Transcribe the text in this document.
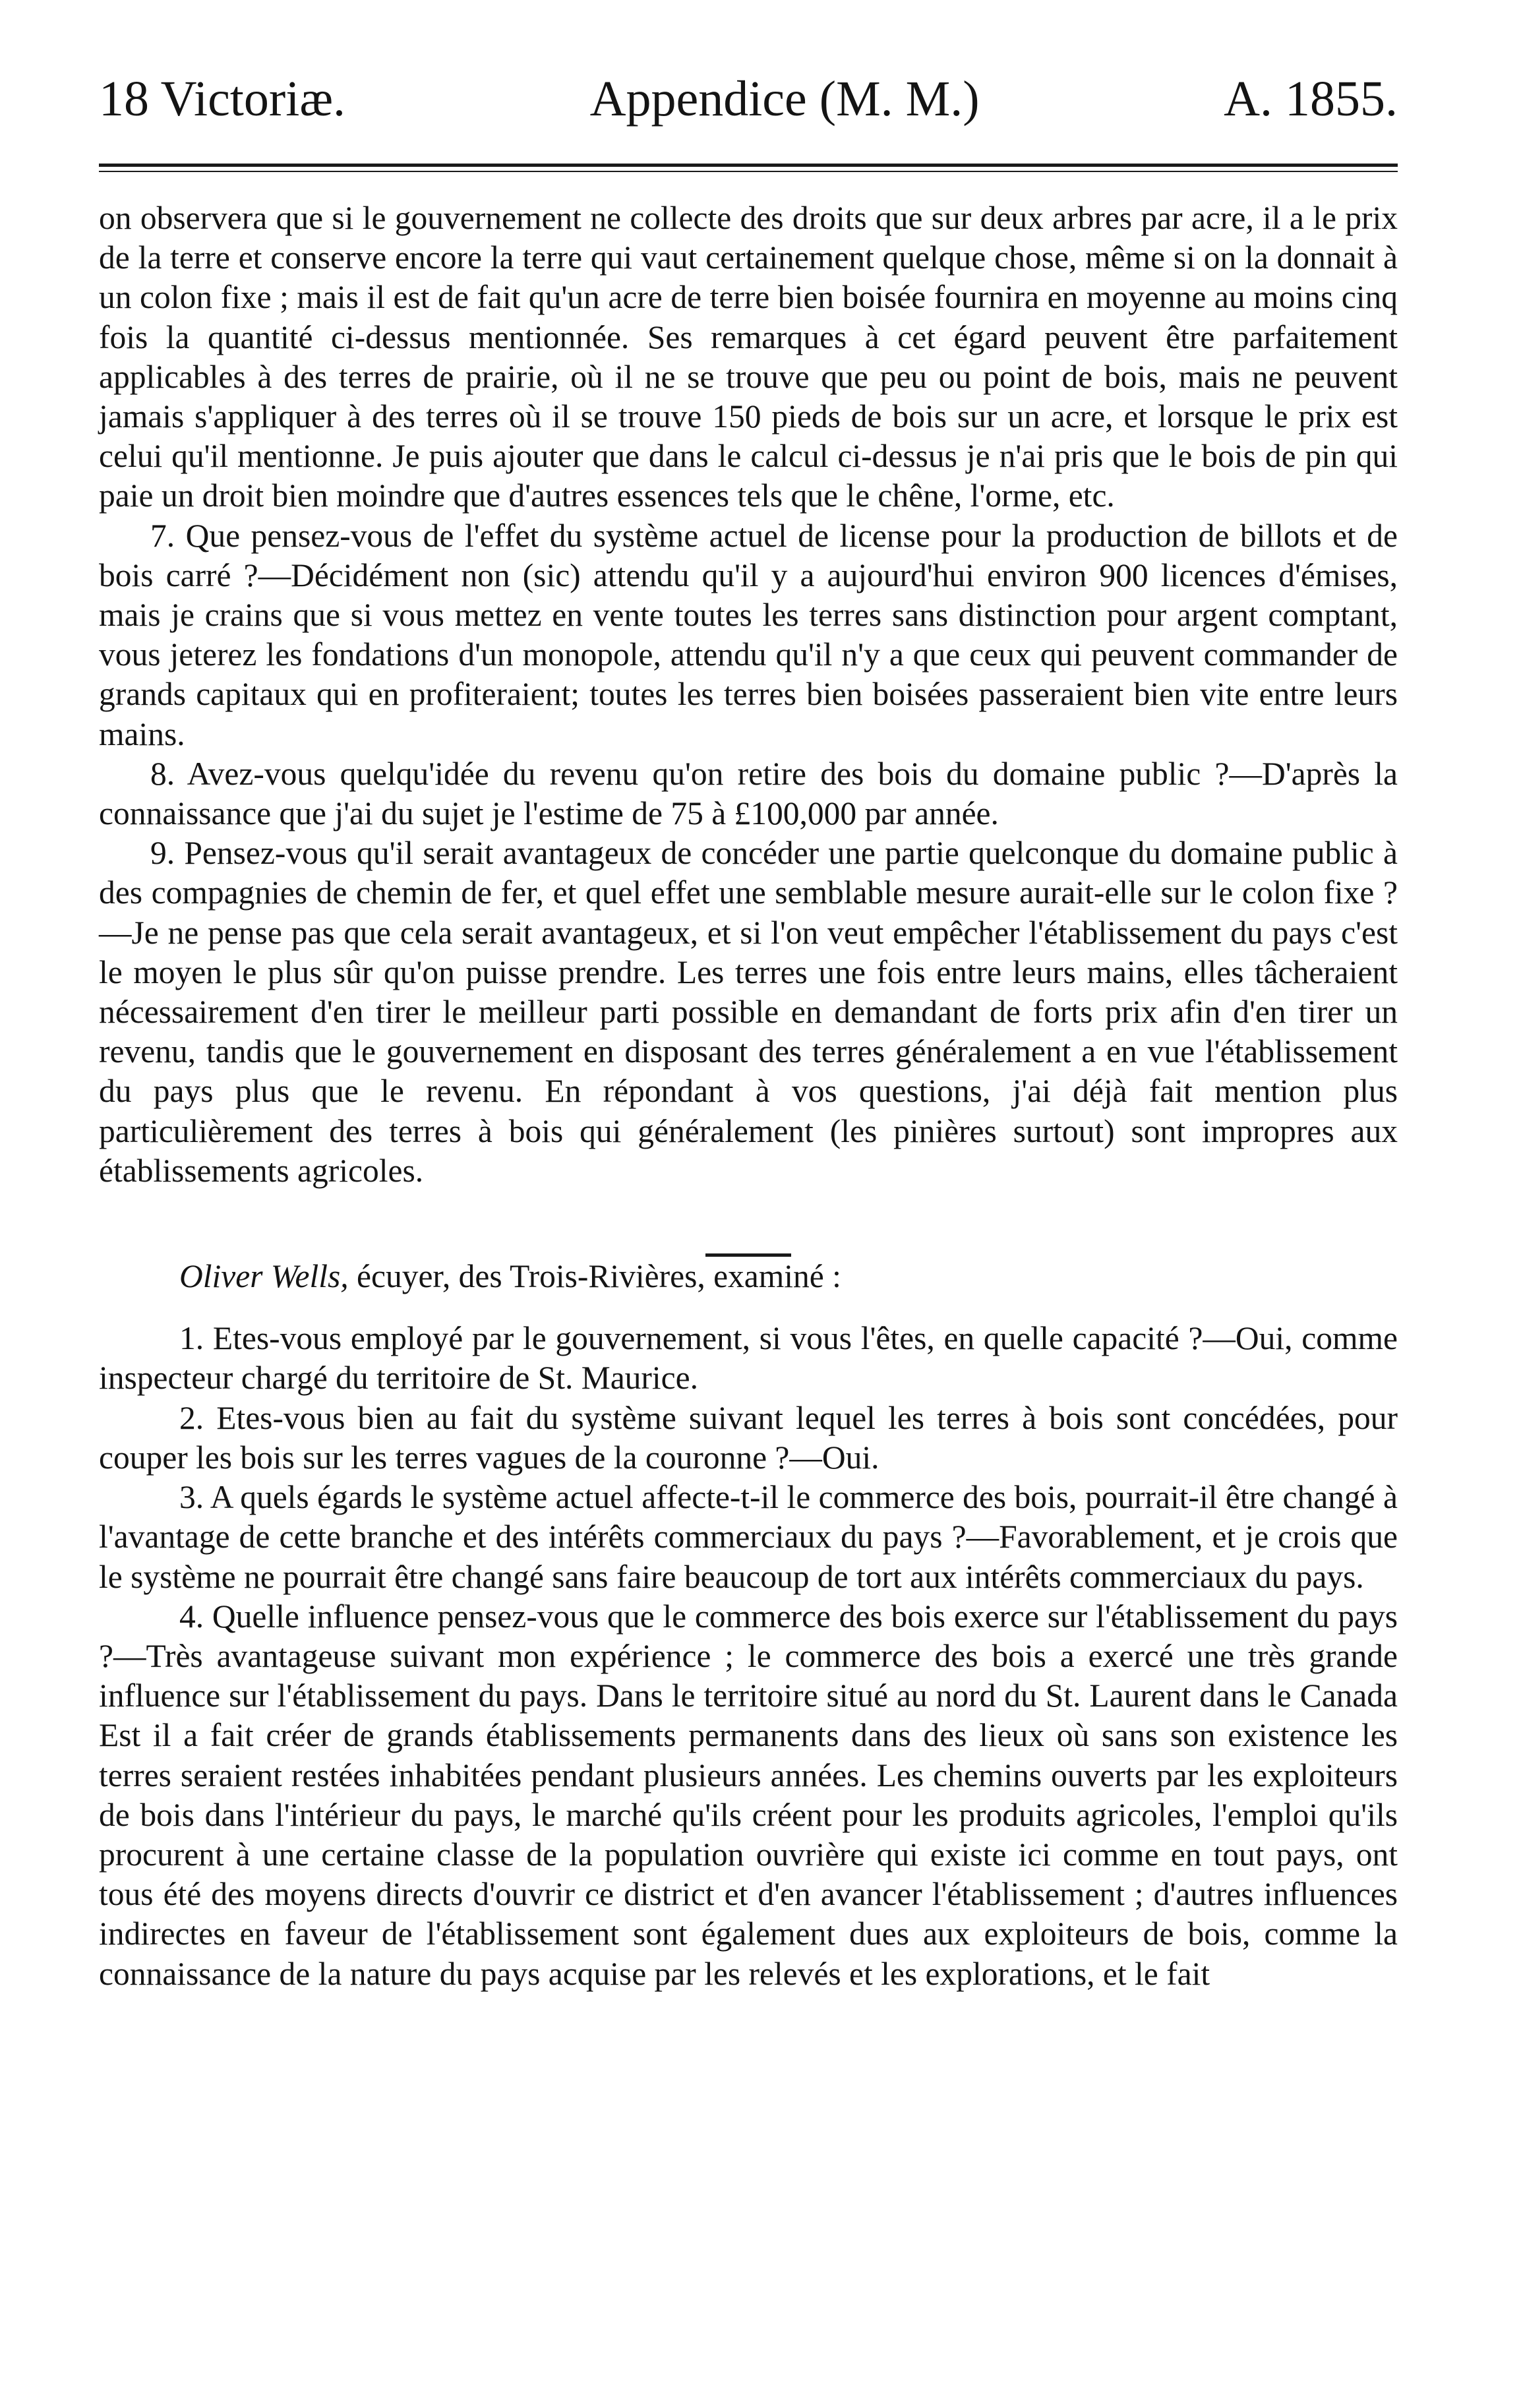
18 Victoriæ.	Appendice (M. M.)	A. 1855.

on observera que si le gouvernement ne collecte des droits que sur deux arbres par acre, il a le prix de la terre et conserve encore la terre qui vaut certainement quelque chose, même si on la donnait à un colon fixe ; mais il est de fait qu'un acre de terre bien boisée fournira en moyenne au moins cinq fois la quantité ci-dessus mentionnée. Ses remarques à cet égard peuvent être parfaitement applicables à des terres de prairie, où il ne se trouve que peu ou point de bois, mais ne peuvent jamais s'appliquer à des terres où il se trouve 150 pieds de bois sur un acre, et lorsque le prix est celui qu'il mentionne. Je puis ajouter que dans le calcul ci-dessus je n'ai pris que le bois de pin qui paie un droit bien moindre que d'autres essences tels que le chêne, l'orme, etc.

7. Que pensez-vous de l'effet du système actuel de license pour la production de billots et de bois carré ?—Décidément non (sic) attendu qu'il y a aujourd'hui environ 900 licences d'émises, mais je crains que si vous mettez en vente toutes les terres sans distinction pour argent comptant, vous jeterez les fondations d'un monopole, attendu qu'il n'y a que ceux qui peuvent commander de grands capitaux qui en profiteraient; toutes les terres bien boisées passeraient bien vite entre leurs mains.

8. Avez-vous quelqu'idée du revenu qu'on retire des bois du domaine public ?—D'après la connaissance que j'ai du sujet je l'estime de 75 à £100,000 par année.

9. Pensez-vous qu'il serait avantageux de concéder une partie quelconque du domaine public à des compagnies de chemin de fer, et quel effet une semblable mesure aurait-elle sur le colon fixe ?—Je ne pense pas que cela serait avantageux, et si l'on veut empêcher l'établissement du pays c'est le moyen le plus sûr qu'on puisse prendre. Les terres une fois entre leurs mains, elles tâcheraient nécessairement d'en tirer le meilleur parti possible en demandant de forts prix afin d'en tirer un revenu, tandis que le gouvernement en disposant des terres généralement a en vue l'établissement du pays plus que le revenu. En répondant à vos questions, j'ai déjà fait mention plus particulièrement des terres à bois qui généralement (les pinières surtout) sont impropres aux établissements agricoles.

Oliver Wells, écuyer, des Trois-Rivières, examiné :

1. Etes-vous employé par le gouvernement, si vous l'êtes, en quelle capacité ?—Oui, comme inspecteur chargé du territoire de St. Maurice.

2. Etes-vous bien au fait du système suivant lequel les terres à bois sont concédées, pour couper les bois sur les terres vagues de la couronne ?—Oui.

3. A quels égards le système actuel affecte-t-il le commerce des bois, pourrait-il être changé à l'avantage de cette branche et des intérêts commerciaux du pays ?—Favorablement, et je crois que le système ne pourrait être changé sans faire beaucoup de tort aux intérêts commerciaux du pays.

4. Quelle influence pensez-vous que le commerce des bois exerce sur l'établissement du pays ?—Très avantageuse suivant mon expérience ; le commerce des bois a exercé une très grande influence sur l'établissement du pays. Dans le territoire situé au nord du St. Laurent dans le Canada Est il a fait créer de grands établissements permanents dans des lieux où sans son existence les terres seraient restées inhabitées pendant plusieurs années. Les chemins ouverts par les exploiteurs de bois dans l'intérieur du pays, le marché qu'ils créent pour les produits agricoles, l'emploi qu'ils procurent à une certaine classe de la population ouvrière qui existe ici comme en tout pays, ont tous été des moyens directs d'ouvrir ce district et d'en avancer l'établissement ; d'autres influences indirectes en faveur de l'établissement sont également dues aux exploiteurs de bois, comme la connaissance de la nature du pays acquise par les relevés et les explorations, et le fait
